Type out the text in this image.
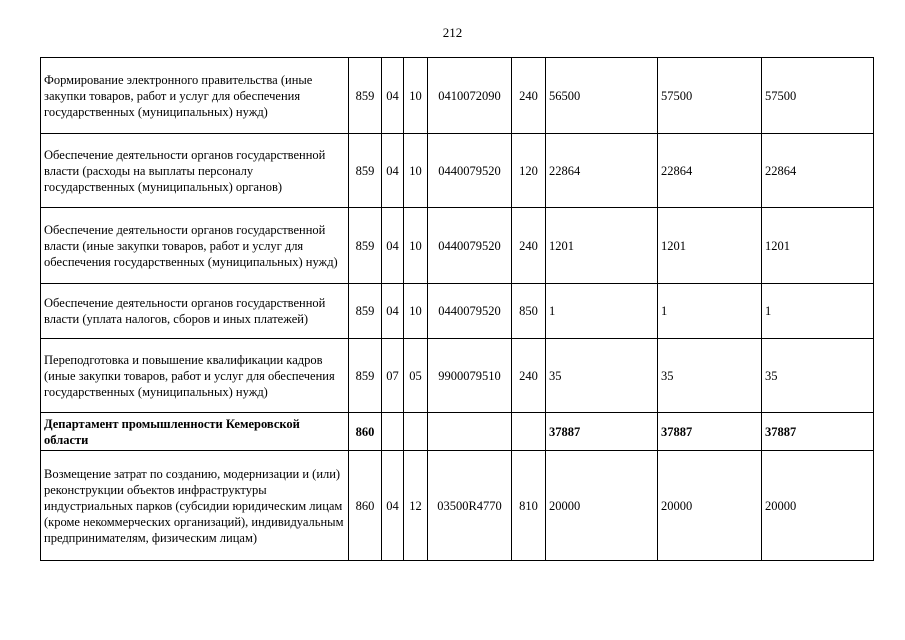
212
Формирование электронного правительства (иные закупки товаров, работ и услуг для обеспечения государственных (муниципальных) нужд)	859	04	10	0410072090	240	56500	57500	57500
Обеспечение деятельности органов государственной власти (расходы на выплаты персоналу государственных (муниципальных) органов)	859	04	10	0440079520	120	22864	22864	22864
Обеспечение деятельности органов государственной власти (иные закупки товаров, работ и услуг для обеспечения государственных (муниципальных) нужд)	859	04	10	0440079520	240	1201	1201	1201
Обеспечение деятельности органов государственной власти (уплата налогов, сборов и иных платежей)	859	04	10	0440079520	850	1	1	1
Переподготовка и повышение квалификации кадров (иные закупки товаров, работ и услуг для обеспечения государственных (муниципальных) нужд)	859	07	05	9900079510	240	35	35	35
Департамент промышленности Кемеровской области	860					37887	37887	37887
Возмещение затрат по созданию, модернизации и (или) реконструкции объектов инфраструктуры индустриальных парков (субсидии юридическим лицам (кроме некоммерческих организаций), индивидуальным предпринимателям, физическим лицам)	860	04	12	03500R4770	810	20000	20000	20000
